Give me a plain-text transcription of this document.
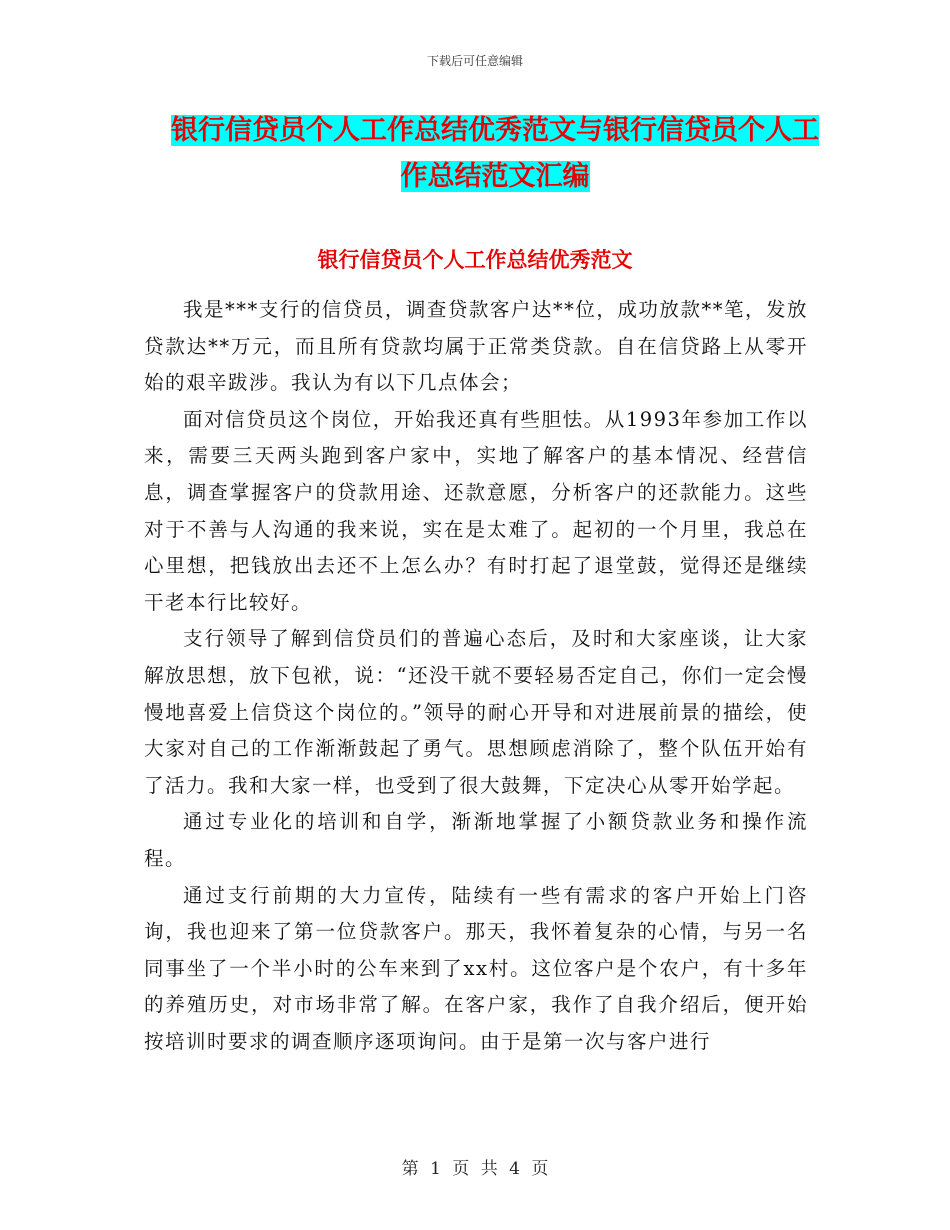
下载后可任意编辑
银行信贷员个人工作总结优秀范文与银行信贷员个人工作总结范文汇编
银行信贷员个人工作总结优秀范文

我是***支行的信贷员，调查贷款客户达**位，成功放款**笔，发放贷款达**万元，而且所有贷款均属于正常类贷款。自在信贷路上从零开始的艰辛跋涉。我认为有以下几点体会；

面对信贷员这个岗位，开始我还真有些胆怯。从1993年参加工作以来，需要三天两头跑到客户家中，实地了解客户的基本情况、经营信息，调查掌握客户的贷款用途、还款意愿，分析客户的还款能力。这些对于不善与人沟通的我来说，实在是太难了。起初的一个月里，我总在心里想，把钱放出去还不上怎么办？有时打起了退堂鼓，觉得还是继续干老本行比较好。

支行领导了解到信贷员们的普遍心态后，及时和大家座谈，让大家解放思想，放下包袱，说：“还没干就不要轻易否定自己，你们一定会慢慢地喜爱上信贷这个岗位的。”领导的耐心开导和对进展前景的描绘，使大家对自己的工作渐渐鼓起了勇气。思想顾虑消除了，整个队伍开始有了活力。我和大家一样，也受到了很大鼓舞，下定决心从零开始学起。

通过专业化的培训和自学，渐渐地掌握了小额贷款业务和操作流程。

通过支行前期的大力宣传，陆续有一些有需求的客户开始上门咨询，我也迎来了第一位贷款客户。那天，我怀着复杂的心情，与另一名同事坐了一个半小时的公车来到了xx村。这位客户是个农户，有十多年的养殖历史，对市场非常了解。在客户家，我作了自我介绍后，便开始按培训时要求的调查顺序逐项询问。由于是第一次与客户进行

第 1 页 共 4 页
